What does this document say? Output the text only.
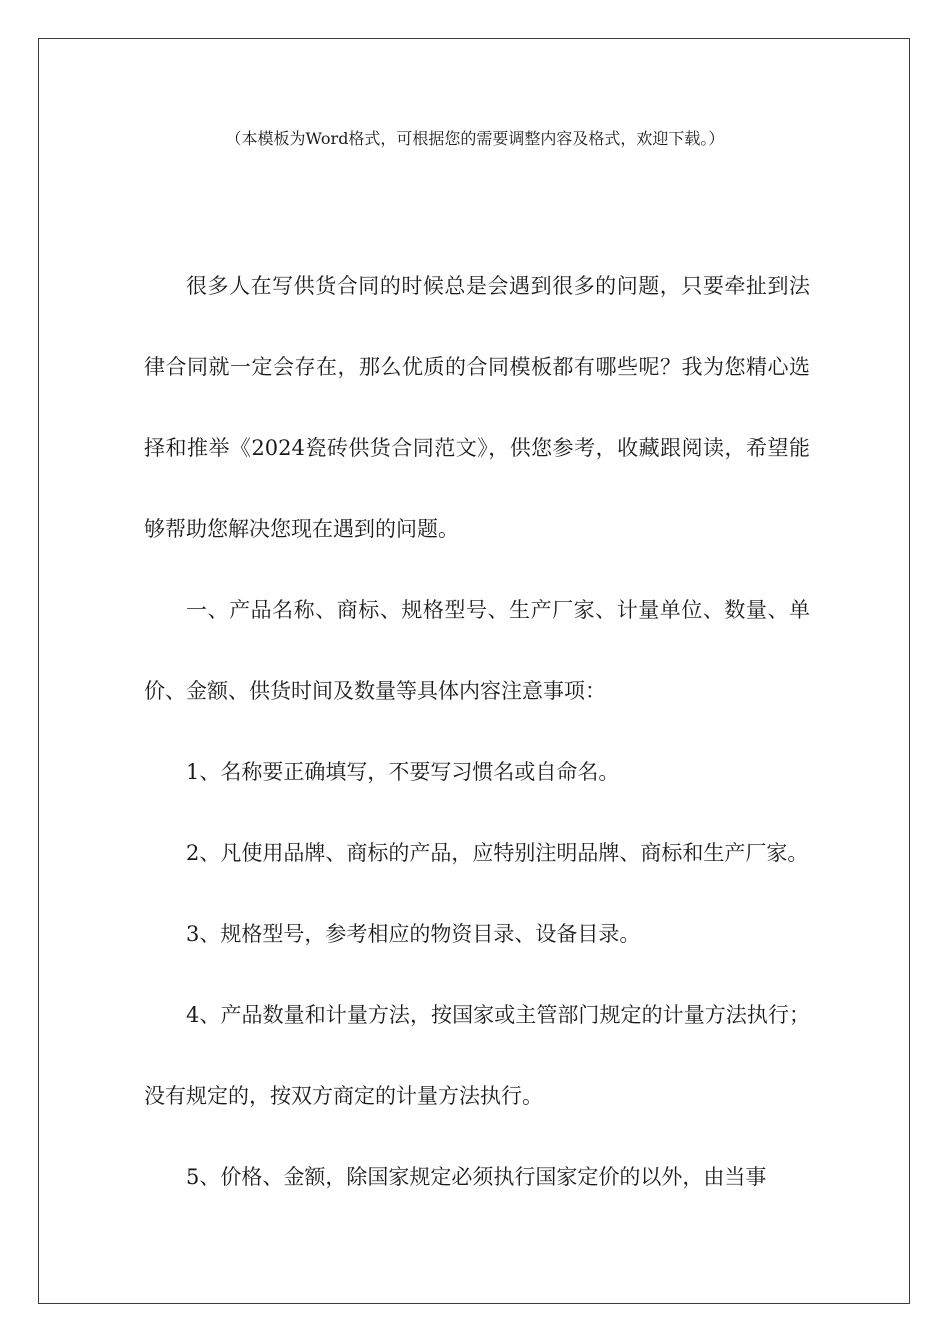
（本模板为Word格式，可根据您的需要调整内容及格式，欢迎下载。）

很多人在写供货合同的时候总是会遇到很多的问题，只要牵扯到法律合同就一定会存在，那么优质的合同模板都有哪些呢？我为您精心选择和推举《2024瓷砖供货合同范文》，供您参考，收藏跟阅读，希望能够帮助您解决您现在遇到的问题。

一、产品名称、商标、规格型号、生产厂家、计量单位、数量、单价、金额、供货时间及数量等具体内容注意事项：

1、名称要正确填写，不要写习惯名或自命名。

2、凡使用品牌、商标的产品，应特别注明品牌、商标和生产厂家。

3、规格型号，参考相应的物资目录、设备目录。

4、产品数量和计量方法，按国家或主管部门规定的计量方法执行；没有规定的，按双方商定的计量方法执行。

5、价格、金额，除国家规定必须执行国家定价的以外，由当事
